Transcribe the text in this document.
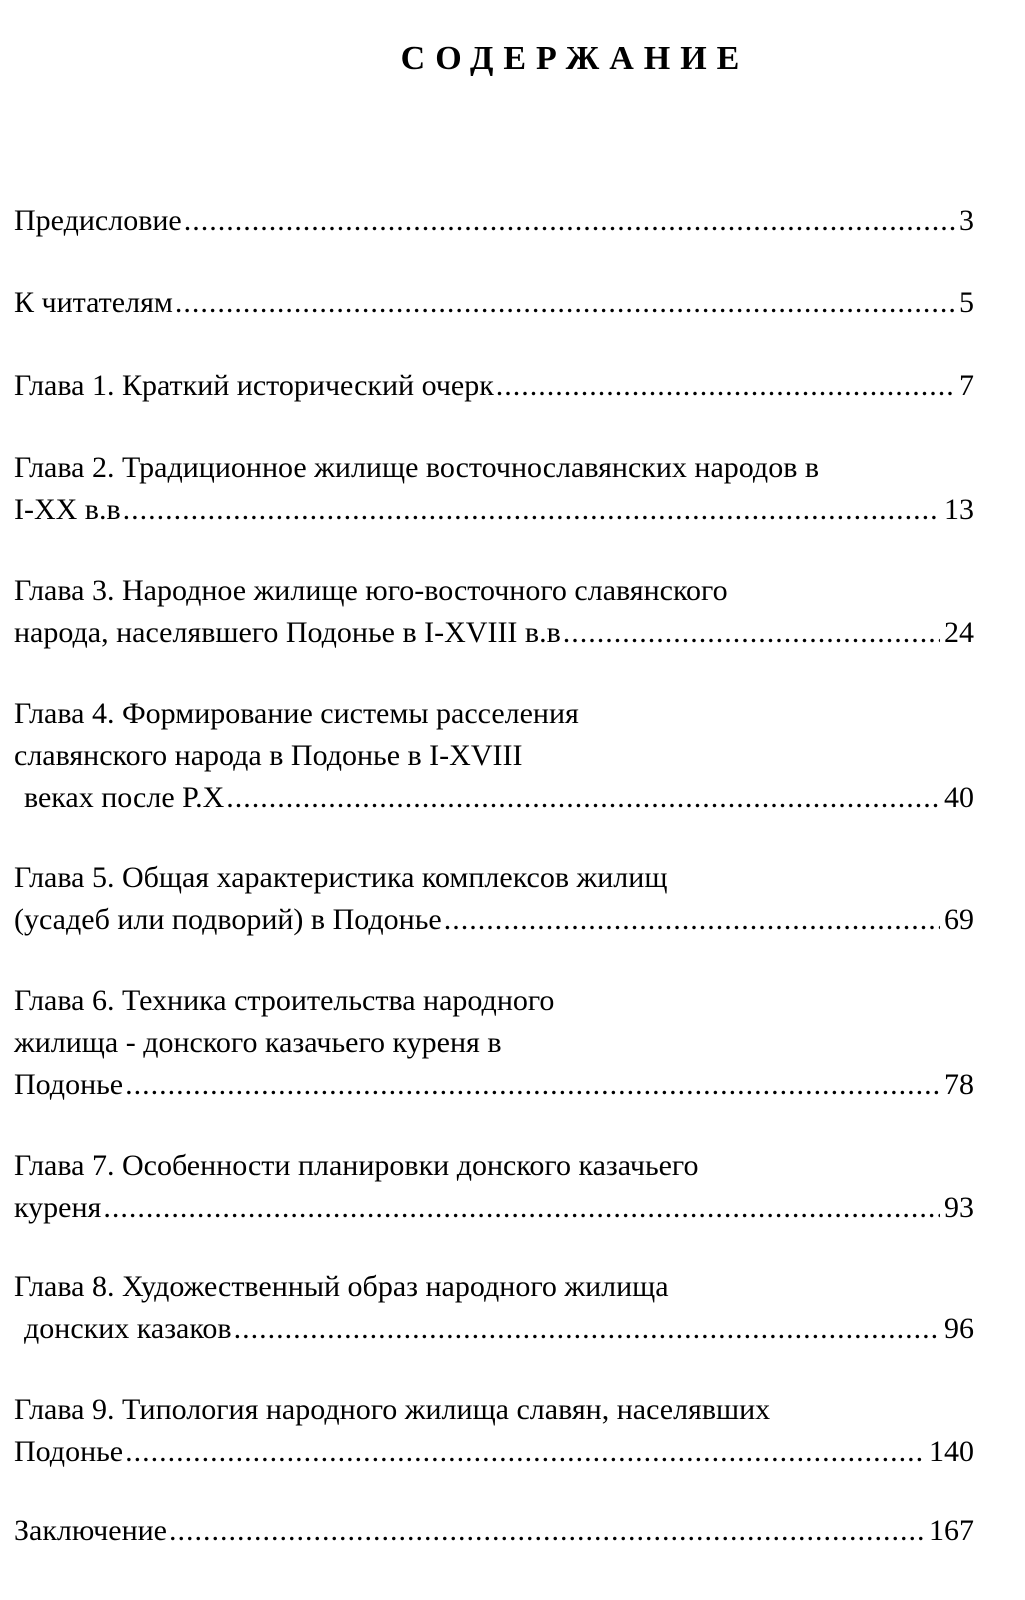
СОДЕРЖАНИЕ
Предисловие .....	3
К читателям .....	5
Глава 1. Краткий исторический очерк .....	7
Глава 2. Традиционное жилище восточнославянских народов в
I-XX в.в .....	13
Глава 3. Народное жилище юго-восточного славянского
народа, населявшего Подонье в I-XVIII в.в .....	24
Глава 4. Формирование системы расселения
славянского народа в Подонье в I-XVIII
веках после Р.Х .....	40
Глава 5. Общая характеристика комплексов жилищ
(усадеб или подворий) в Подонье .....	69
Глава 6. Техника строительства народного
жилища - донского казачьего куреня в
Подонье .....	78
Глава 7. Особенности планировки донского казачьего
куреня .....	93
Глава 8. Художественный образ народного жилища
донских казаков .....	96
Глава 9. Типология народного жилища славян, населявших
Подонье .....	140
Заключение .....	167
